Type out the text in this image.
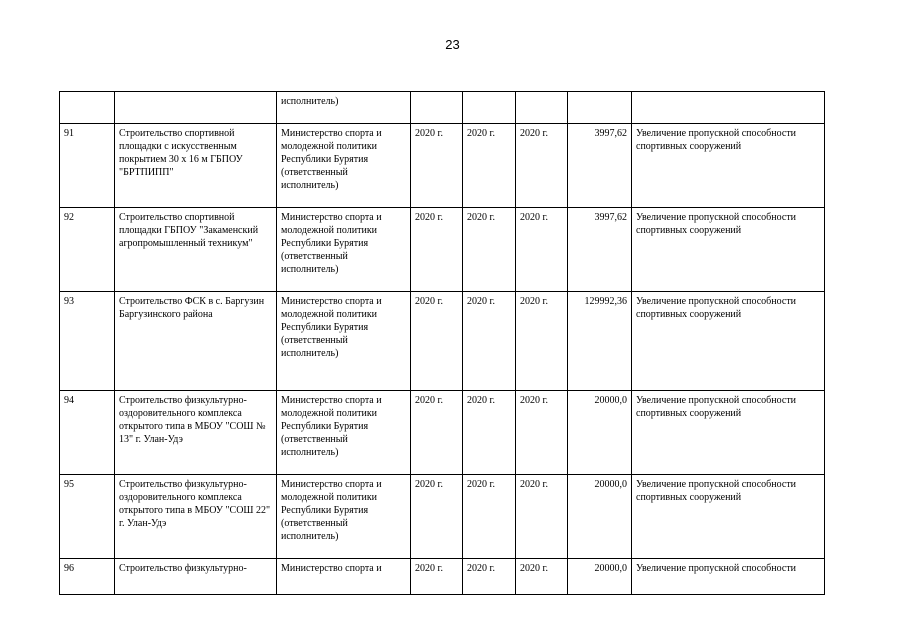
23
		исполнитель)					
91	Строительство спортивной площадки с искусственным покрытием 30 х 16 м ГБПОУ "БРТПИПП"	Министерство спорта и молодежной политики Республики Бурятия (ответственный исполнитель)	2020 г.	2020 г.	2020 г.	3997,62	Увеличение пропускной способности спортивных сооружений
92	Строительство спортивной площадки ГБПОУ "Закаменский агропромышленный техникум"	Министерство спорта и молодежной политики Республики Бурятия (ответственный исполнитель)	2020 г.	2020 г.	2020 г.	3997,62	Увеличение пропускной способности спортивных сооружений
93	Строительство ФСК в с. Баргузин Баргузинского района	Министерство спорта и молодежной политики Республики Бурятия (ответственный исполнитель)	2020 г.	2020 г.	2020 г.	129992,36	Увеличение пропускной способности спортивных сооружений
94	Строительство физкультурно-оздоровительного комплекса открытого типа в МБОУ "СОШ № 13" г. Улан-Удэ	Министерство спорта и молодежной политики Республики Бурятия (ответственный исполнитель)	2020 г.	2020 г.	2020 г.	20000,0	Увеличение пропускной способности спортивных сооружений
95	Строительство физкультурно-оздоровительного комплекса открытого типа в МБОУ "СОШ 22" г. Улан-Удэ	Министерство спорта и молодежной политики Республики Бурятия (ответственный исполнитель)	2020 г.	2020 г.	2020 г.	20000,0	Увеличение пропускной способности спортивных сооружений
96	Строительство физкультурно-	Министерство спорта и	2020 г.	2020 г.	2020 г.	20000,0	Увеличение пропускной способности
